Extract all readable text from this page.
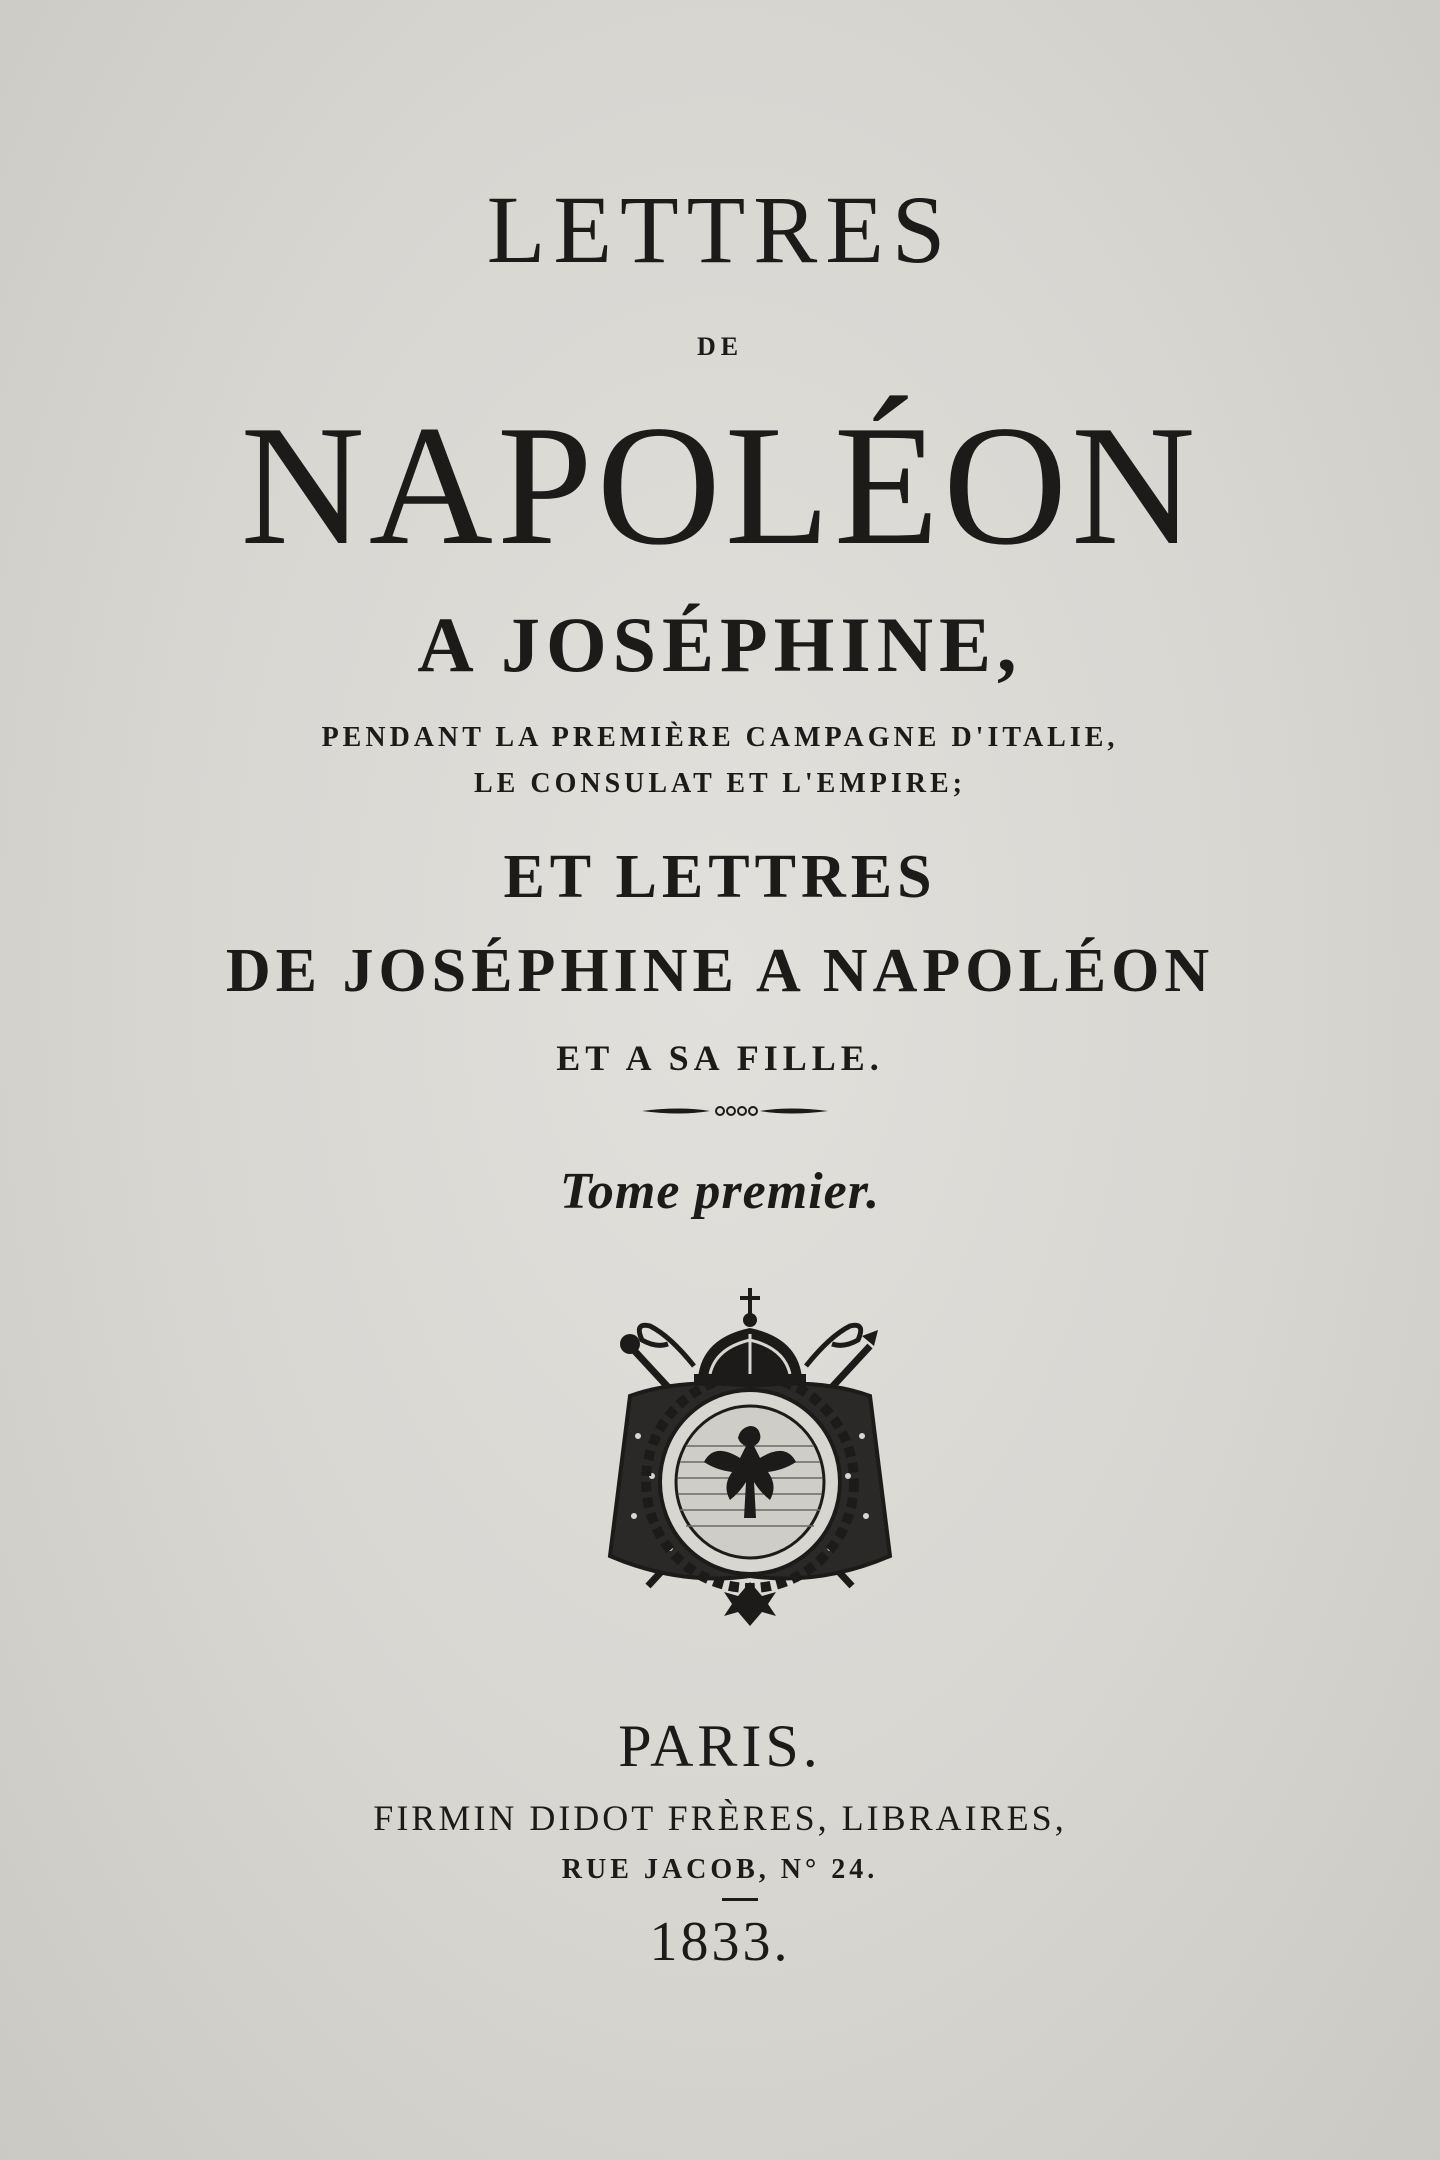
LETTRES
DE
NAPOLÉON
A JOSÉPHINE,
PENDANT LA PREMIÈRE CAMPAGNE D'ITALIE,
LE CONSULAT ET L'EMPIRE;
ET LETTRES
DE JOSÉPHINE A NAPOLÉON
ET A SA FILLE.
Tome premier.
PARIS.
FIRMIN DIDOT FRÈRES, LIBRAIRES,
RUE JACOB, N° 24.
1833.
